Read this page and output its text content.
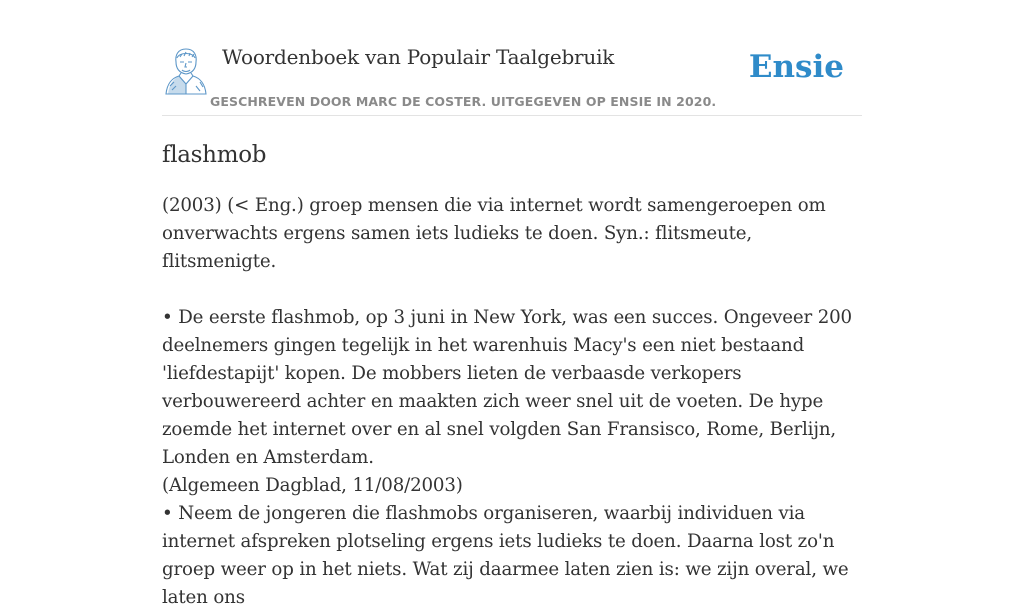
Woordenboek van Populair Taalgebruik
GESCHREVEN DOOR MARC DE COSTER. UITGEGEVEN OP ENSIE IN 2020.
Ensie
flashmob

(2003) (< Eng.) groep mensen die via internet wordt samengeroepen om onverwachts ergens samen iets ludieks te doen. Syn.: flitsmeute, flitsmenigte.

• De eerste flashmob, op 3 juni in New York, was een succes. Ongeveer 200 deelnemers gingen tegelijk in het warenhuis Macy's een niet bestaand 'liefdestapijt' kopen. De mobbers lieten de verbaasde verkopers verbouwereerd achter en maakten zich weer snel uit de voeten. De hype zoemde het internet over en al snel volgden San Fransisco, Rome, Berlijn, Londen en Amsterdam.

(Algemeen Dagblad, 11/08/2003)

• Neem de jongeren die flashmobs organiseren, waarbij individuen via internet afspreken plotseling ergens iets ludieks te doen. Daarna lost zo'n groep weer op in het niets. Wat zij daarmee laten zien is: we zijn overal, we laten ons
